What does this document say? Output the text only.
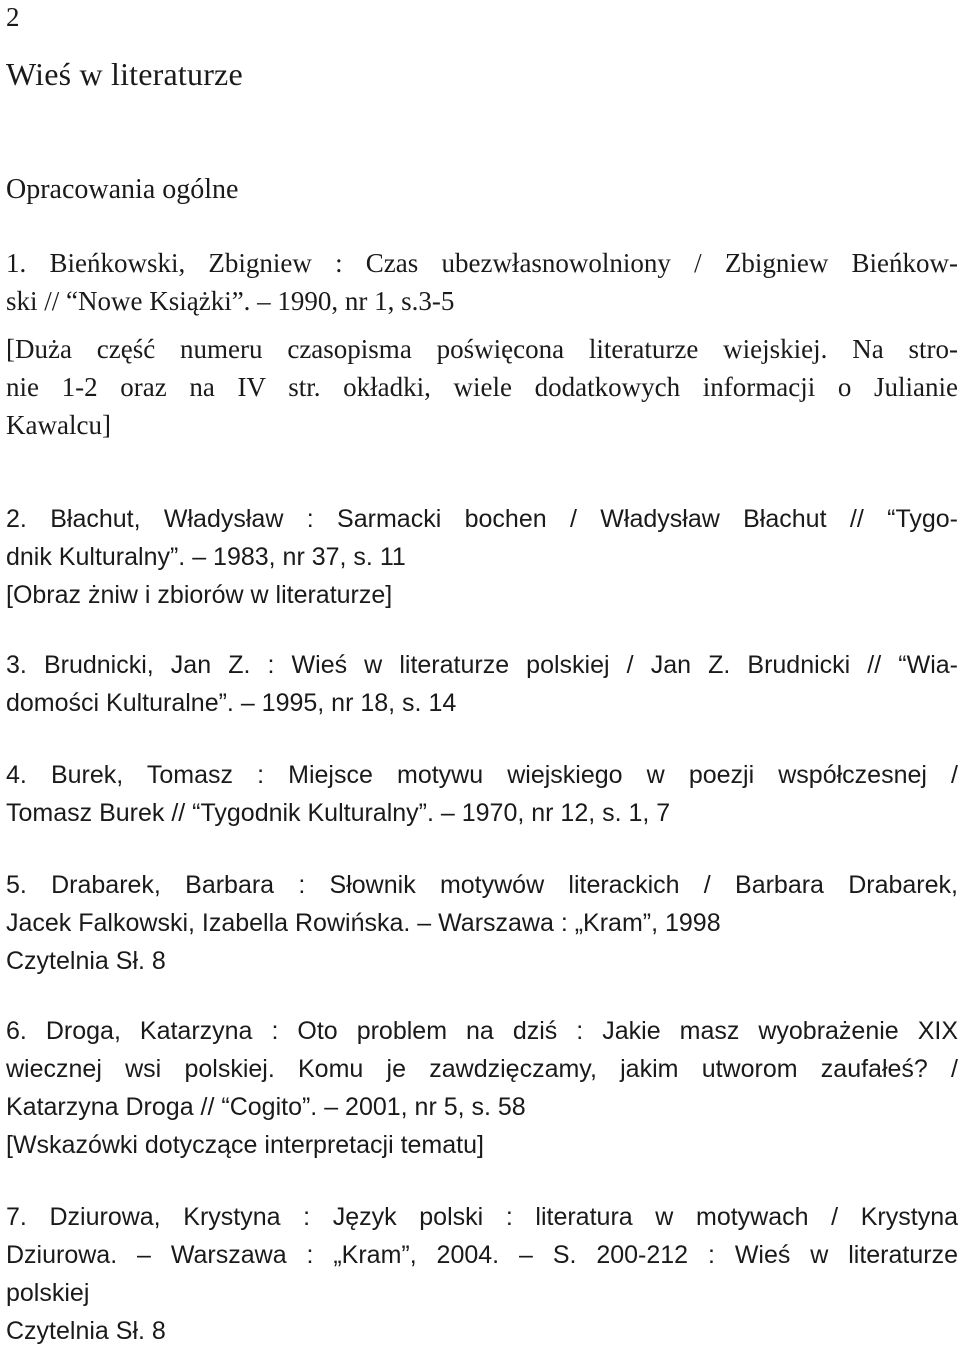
2
Wieś w literaturze
Opracowania ogólne

1. Bieńkowski, Zbigniew : Czas ubezwłasnowolniony / Zbigniew Bieńkow-
ski // “Nowe Książki”. – 1990, nr 1, s.3-5

[Duża część numeru czasopisma poświęcona literaturze wiejskiej. Na stro-
nie 1-2 oraz na IV str. okładki, wiele dodatkowych informacji o Julianie
Kawalcu]

2. Błachut, Władysław : Sarmacki bochen / Władysław Błachut // “Tygo-
dnik Kulturalny”. – 1983, nr 37, s. 11
[Obraz żniw i zbiorów w literaturze]

3. Brudnicki, Jan Z. : Wieś w literaturze polskiej / Jan Z. Brudnicki // “Wia-
domości Kulturalne”. – 1995, nr 18, s. 14

4. Burek, Tomasz : Miejsce motywu wiejskiego w poezji współczesnej /
Tomasz Burek // “Tygodnik Kulturalny”. – 1970, nr 12, s. 1, 7

5. Drabarek, Barbara : Słownik motywów literackich / Barbara Drabarek,
Jacek Falkowski, Izabella Rowińska. – Warszawa : „Kram”, 1998
Czytelnia Sł. 8

6. Droga, Katarzyna : Oto problem na dziś : Jakie masz wyobrażenie XIX
wiecznej wsi polskiej. Komu je zawdzięczamy, jakim utworom zaufałeś? /
Katarzyna Droga // “Cogito”. – 2001, nr 5, s. 58
[Wskazówki dotyczące interpretacji tematu]

7. Dziurowa, Krystyna : Język polski : literatura w motywach / Krystyna
Dziurowa. – Warszawa : „Kram”, 2004. – S. 200-212 : Wieś w literaturze
polskiej
Czytelnia Sł. 8
